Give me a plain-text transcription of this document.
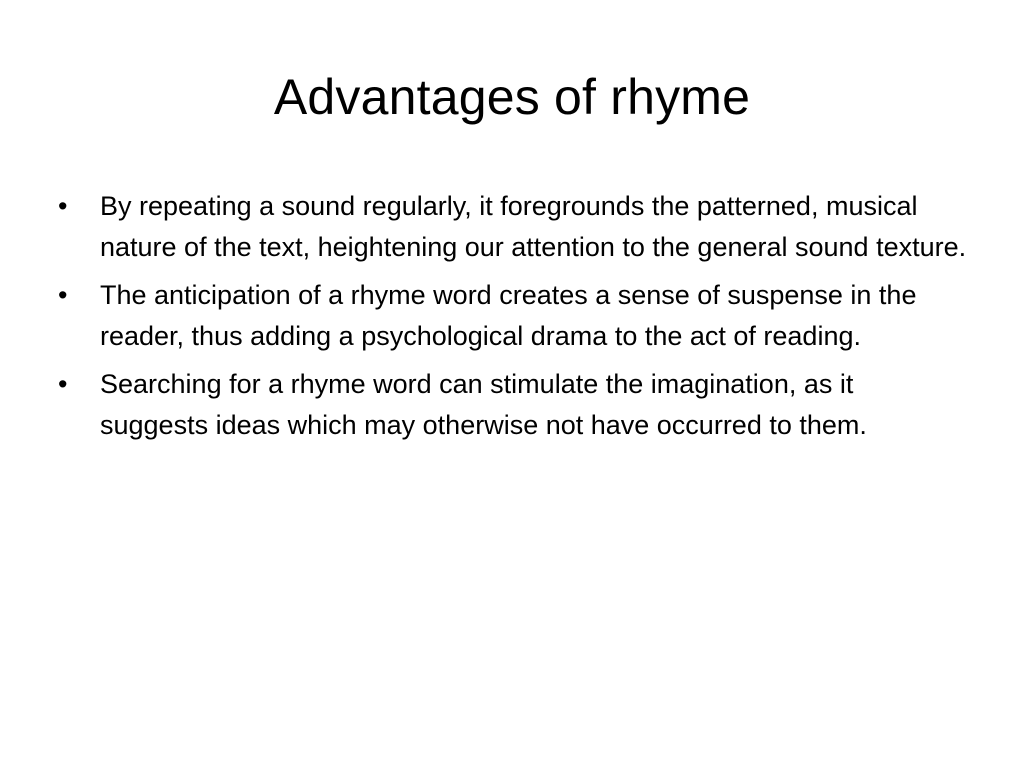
Advantages of rhyme
•	By repeating a sound regularly, it foregrounds the patterned, musical nature of the text, heightening our attention to the general sound texture.
•	The anticipation of a rhyme word creates a sense of suspense in the reader, thus adding a psychological drama to the act of reading.
•	Searching for a rhyme word can stimulate the imagination, as it suggests ideas which may otherwise not have occurred to them.
